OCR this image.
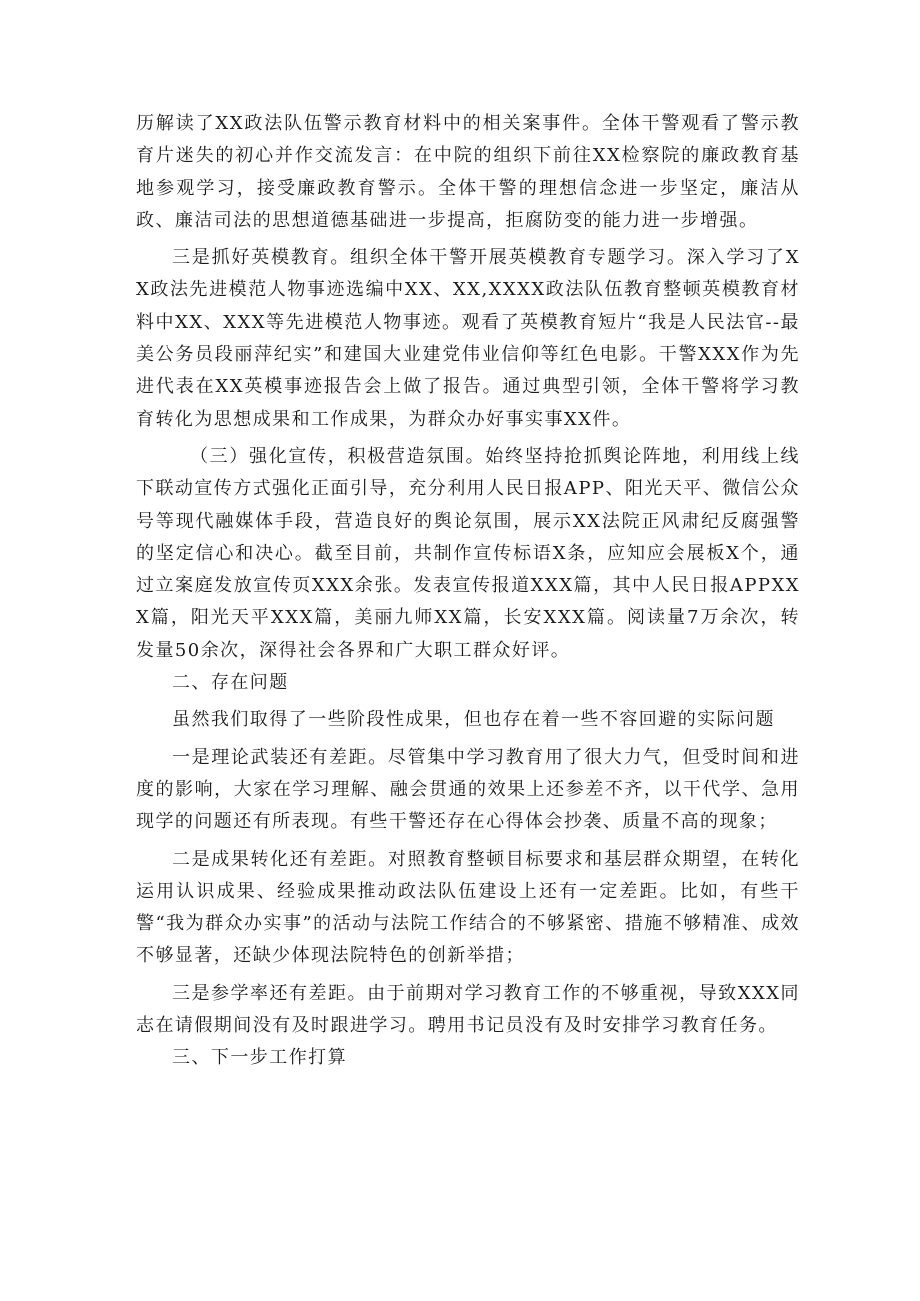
历解读了XX政法队伍警示教育材料中的相关案事件。全体干警观看了警示教育片迷失的初心并作交流发言：在中院的组织下前往XX检察院的廉政教育基地参观学习，接受廉政教育警示。全体干警的理想信念进一步坚定，廉洁从政、廉洁司法的思想道德基础进一步提高，拒腐防变的能力进一步增强。

三是抓好英模教育。组织全体干警开展英模教育专题学习。深入学习了XX政法先进模范人物事迹选编中XX、XX,XXXX政法队伍教育整顿英模教育材料中XX、XXX等先进模范人物事迹。观看了英模教育短片“我是人民法官--最美公务员段丽萍纪实”和建国大业建党伟业信仰等红色电影。干警XXX作为先进代表在XX英模事迹报告会上做了报告。通过典型引领，全体干警将学习教育转化为思想成果和工作成果，为群众办好事实事XX件。

（三）强化宣传，积极营造氛围。始终坚持抢抓舆论阵地，利用线上线下联动宣传方式强化正面引导，充分利用人民日报APP、阳光天平、微信公众号等现代融媒体手段，营造良好的舆论氛围，展示XX法院正风肃纪反腐强警的坚定信心和决心。截至目前，共制作宣传标语X条，应知应会展板X个，通过立案庭发放宣传页XXX余张。发表宣传报道XXX篇，其中人民日报APPXXX篇，阳光天平XXX篇，美丽九师XX篇，长安XXX篇。阅读量7万余次，转发量50余次，深得社会各界和广大职工群众好评。

二、存在问题

虽然我们取得了一些阶段性成果，但也存在着一些不容回避的实际问题

一是理论武装还有差距。尽管集中学习教育用了很大力气，但受时间和进度的影响，大家在学习理解、融会贯通的效果上还参差不齐，以干代学、急用现学的问题还有所表现。有些干警还存在心得体会抄袭、质量不高的现象；

二是成果转化还有差距。对照教育整顿目标要求和基层群众期望，在转化运用认识成果、经验成果推动政法队伍建设上还有一定差距。比如，有些干警“我为群众办实事”的活动与法院工作结合的不够紧密、措施不够精准、成效不够显著，还缺少体现法院特色的创新举措；

三是参学率还有差距。由于前期对学习教育工作的不够重视，导致XXX同志在请假期间没有及时跟进学习。聘用书记员没有及时安排学习教育任务。

三、下一步工作打算
